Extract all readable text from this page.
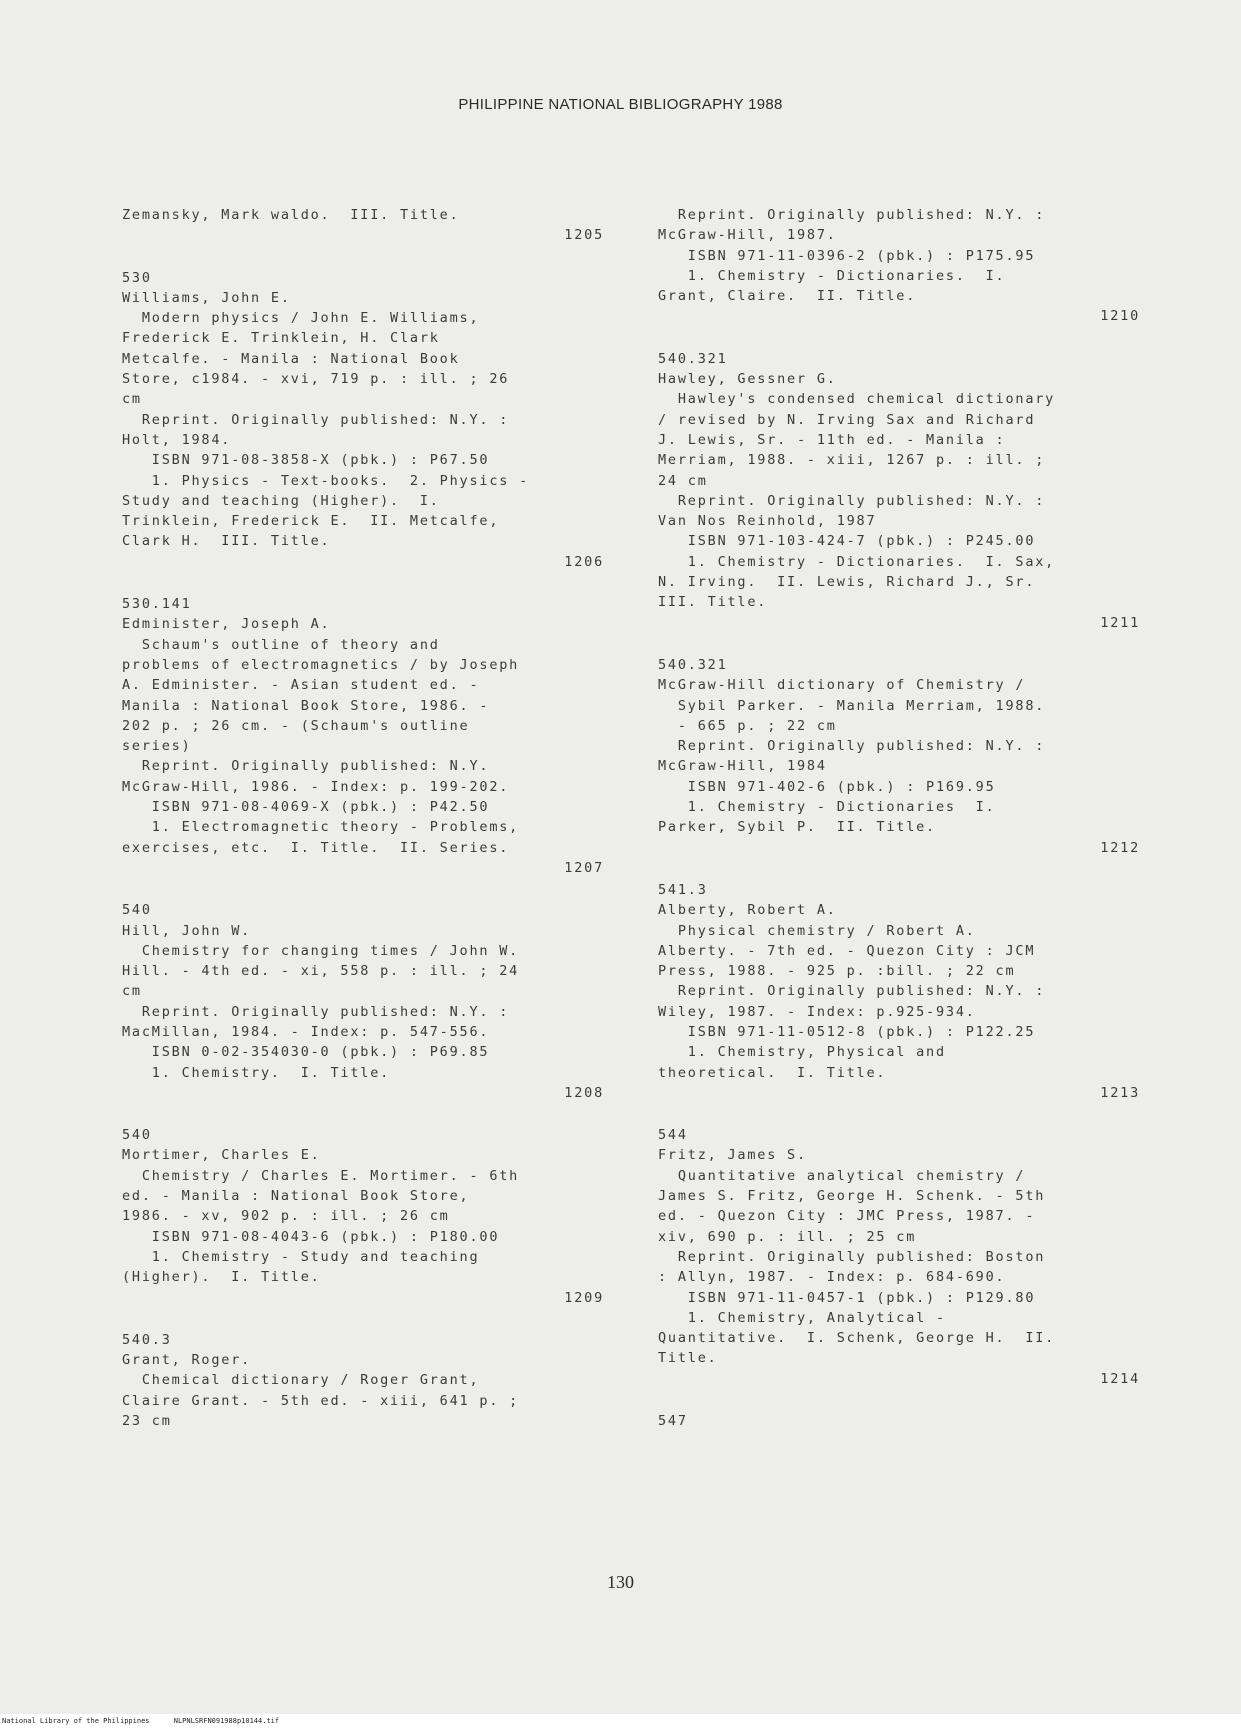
PHILIPPINE NATIONAL BIBLIOGRAPHY 1988
Zemansky, Mark waldo.  III. Title.
1205
530
Williams, John E.
Modern physics / John E. Williams,
Frederick E. Trinklein, H. Clark
Metcalfe. - Manila : National Book
Store, c1984. - xvi, 719 p. : ill. ; 26
cm
Reprint. Originally published: N.Y. :
Holt, 1984.
ISBN 971-08-3858-X (pbk.) : P67.50
1. Physics - Text-books.  2. Physics -
Study and teaching (Higher).  I.
Trinklein, Frederick E.  II. Metcalfe,
Clark H.  III. Title.
1206
530.141
Edminister, Joseph A.
Schaum's outline of theory and
problems of electromagnetics / by Joseph
A. Edminister. - Asian student ed. -
Manila : National Book Store, 1986. -
202 p. ; 26 cm. - (Schaum's outline
series)
Reprint. Originally published: N.Y.
McGraw-Hill, 1986. - Index: p. 199-202.
ISBN 971-08-4069-X (pbk.) : P42.50
1. Electromagnetic theory - Problems,
exercises, etc.  I. Title.  II. Series.
1207
540
Hill, John W.
Chemistry for changing times / John W.
Hill. - 4th ed. - xi, 558 p. : ill. ; 24
cm
Reprint. Originally published: N.Y. :
MacMillan, 1984. - Index: p. 547-556.
ISBN 0-02-354030-0 (pbk.) : P69.85
1. Chemistry.  I. Title.
1208
540
Mortimer, Charles E.
Chemistry / Charles E. Mortimer. - 6th
ed. - Manila : National Book Store,
1986. - xv, 902 p. : ill. ; 26 cm
ISBN 971-08-4043-6 (pbk.) : P180.00
1. Chemistry - Study and teaching
(Higher).  I. Title.
1209
540.3
Grant, Roger.
Chemical dictionary / Roger Grant,
Claire Grant. - 5th ed. - xiii, 641 p. ;
23 cm
Reprint. Originally published: N.Y. :
McGraw-Hill, 1987.
ISBN 971-11-0396-2 (pbk.) : P175.95
1. Chemistry - Dictionaries.  I.
Grant, Claire.  II. Title.
1210
540.321
Hawley, Gessner G.
Hawley's condensed chemical dictionary
/ revised by N. Irving Sax and Richard
J. Lewis, Sr. - 11th ed. - Manila :
Merriam, 1988. - xiii, 1267 p. : ill. ;
24 cm
Reprint. Originally published: N.Y. :
Van Nos Reinhold, 1987
ISBN 971-103-424-7 (pbk.) : P245.00
1. Chemistry - Dictionaries.  I. Sax,
N. Irving.  II. Lewis, Richard J., Sr.
III. Title.
1211
540.321
McGraw-Hill dictionary of Chemistry /
Sybil Parker. - Manila Merriam, 1988.
- 665 p. ; 22 cm
Reprint. Originally published: N.Y. :
McGraw-Hill, 1984
ISBN 971-402-6 (pbk.) : P169.95
1. Chemistry - Dictionaries  I.
Parker, Sybil P.  II. Title.
1212
541.3
Alberty, Robert A.
Physical chemistry / Robert A.
Alberty. - 7th ed. - Quezon City : JCM
Press, 1988. - 925 p. :bill. ; 22 cm
Reprint. Originally published: N.Y. :
Wiley, 1987. - Index: p.925-934.
ISBN 971-11-0512-8 (pbk.) : P122.25
1. Chemistry, Physical and
theoretical.  I. Title.
1213
544
Fritz, James S.
Quantitative analytical chemistry /
James S. Fritz, George H. Schenk. - 5th
ed. - Quezon City : JMC Press, 1987. -
xiv, 690 p. : ill. ; 25 cm
Reprint. Originally published: Boston
: Allyn, 1987. - Index: p. 684-690.
ISBN 971-11-0457-1 (pbk.) : P129.80
1. Chemistry, Analytical -
Quantitative.  I. Schenk, George H.  II.
Title.
1214
547
130
National Library of the Philippines	NLPNLSRFN091988p10144.tif
